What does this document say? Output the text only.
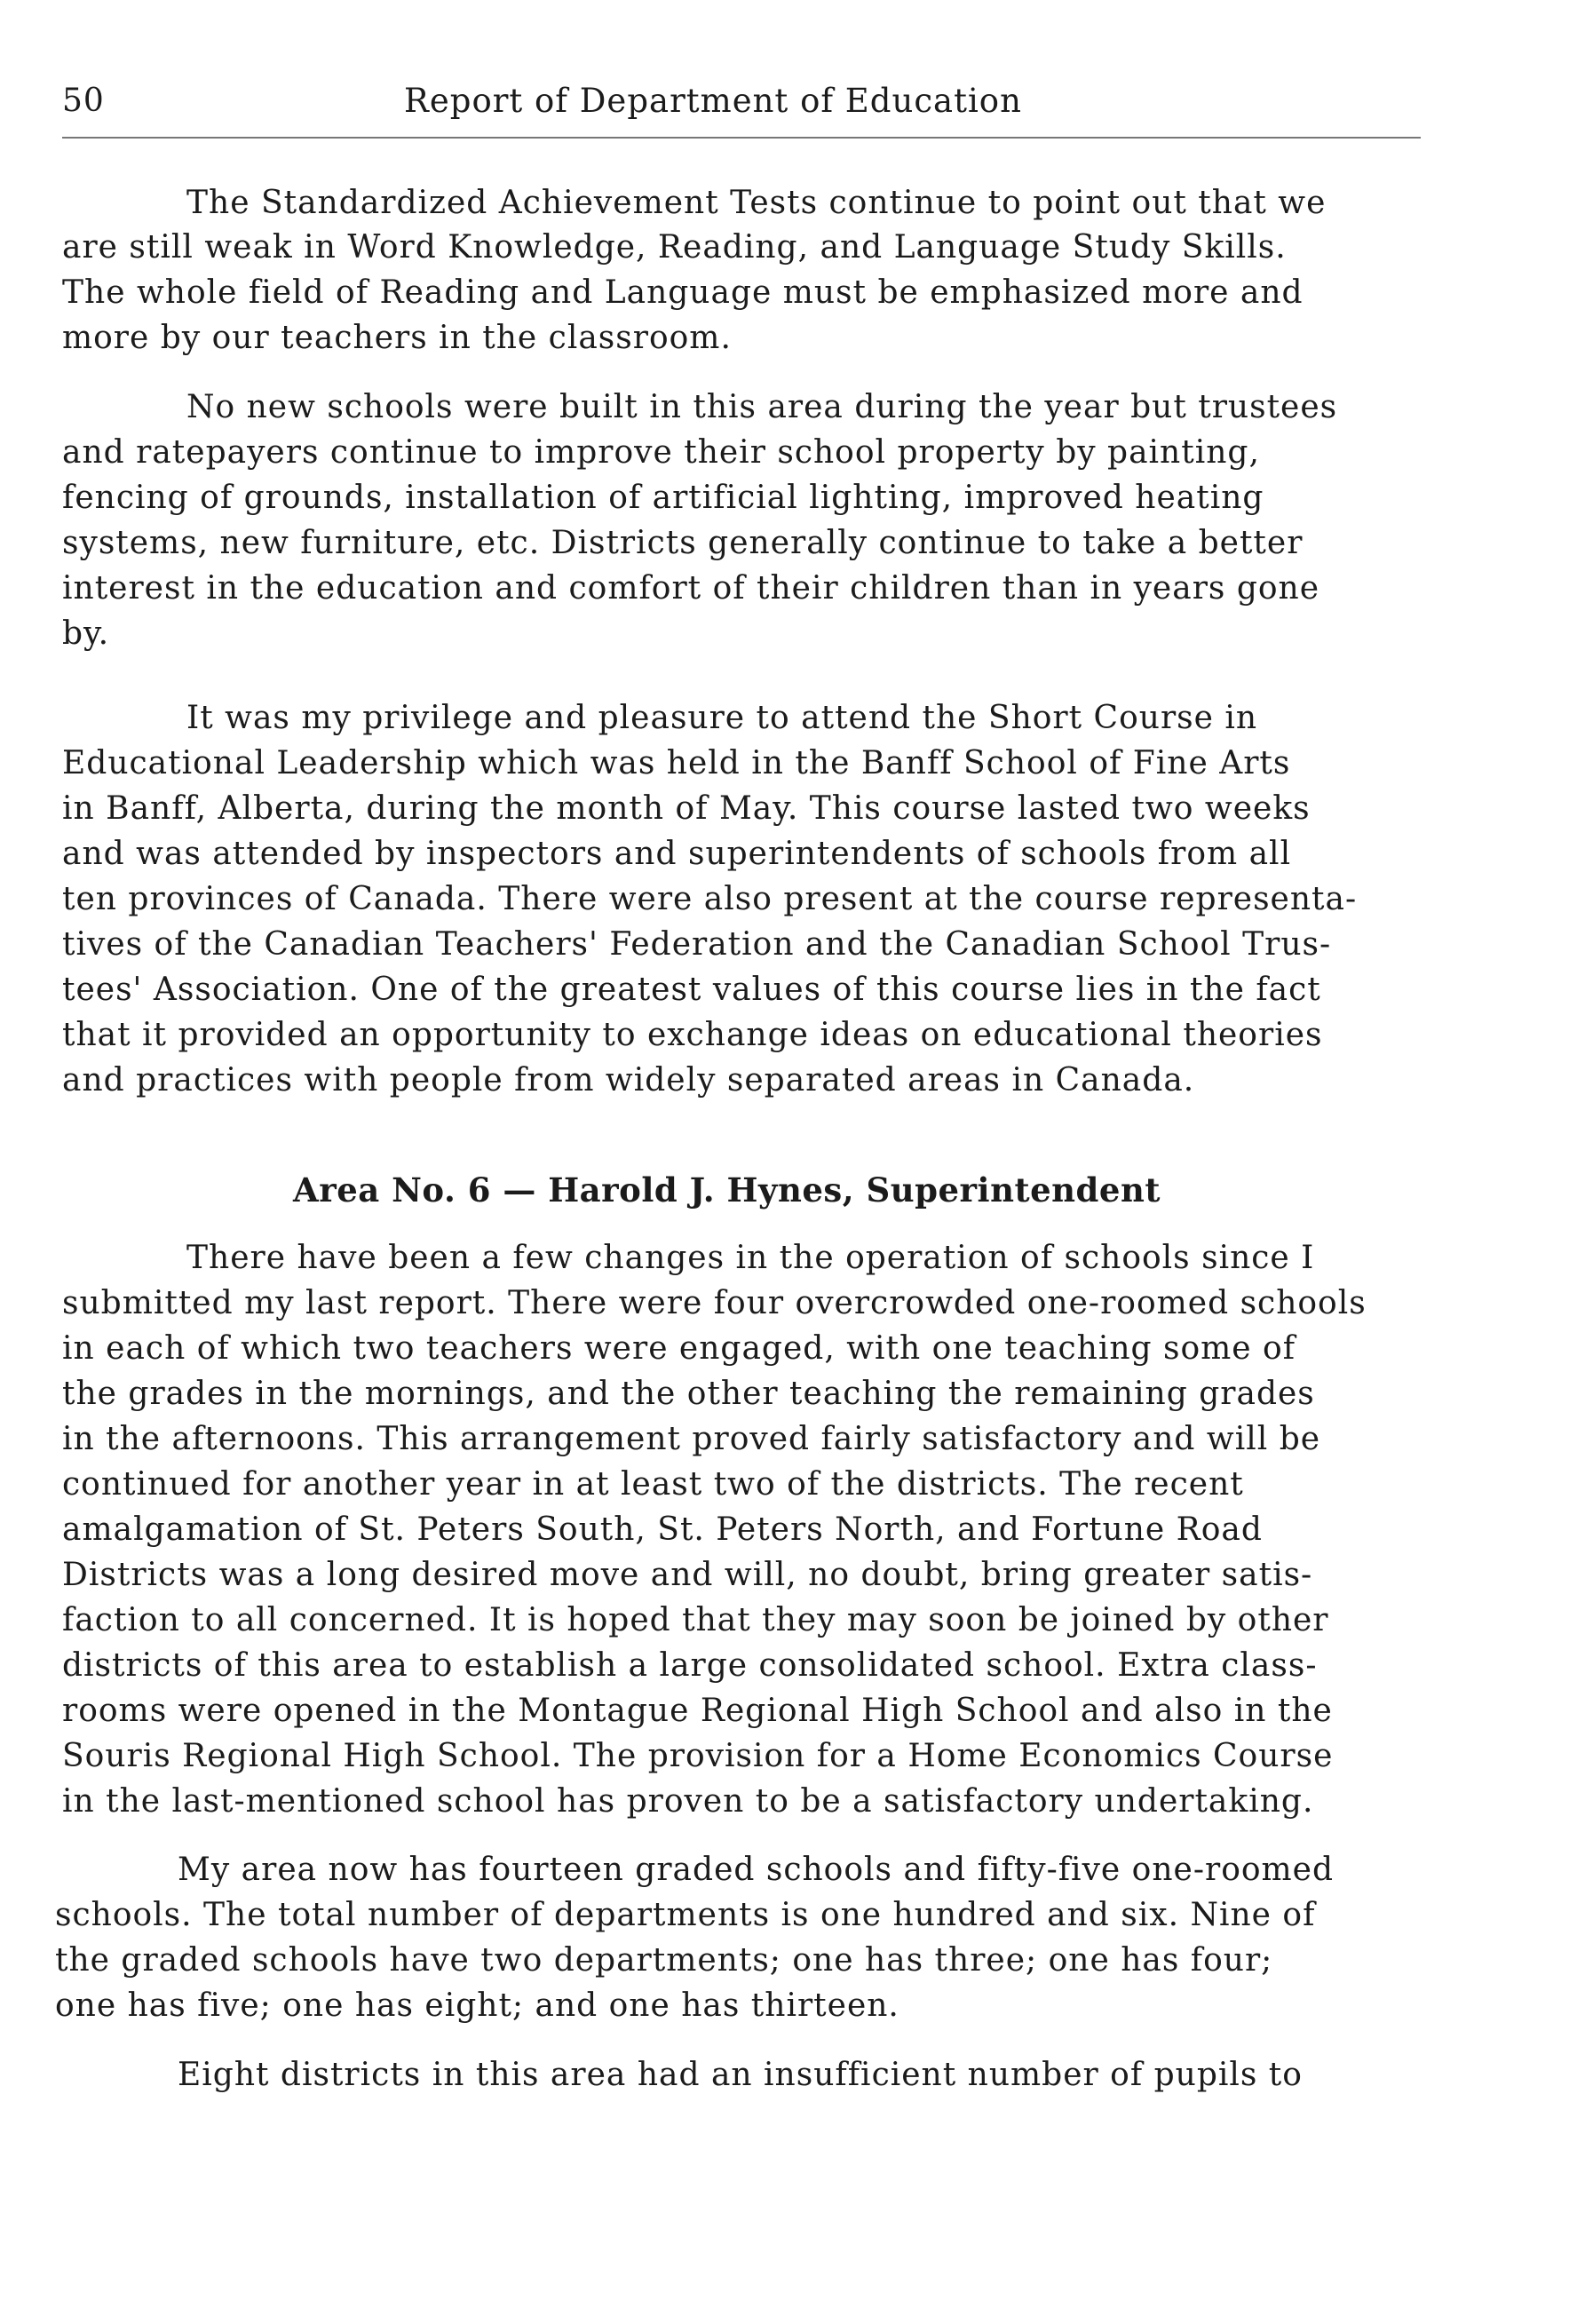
50	Report of Department of Education
The Standardized Achievement Tests continue to point out that we
are still weak in Word Knowledge, Reading, and Language Study Skills.
The whole field of Reading and Language must be emphasized more and
more by our teachers in the classroom.
No new schools were built in this area during the year but trustees
and ratepayers continue to improve their school property by painting,
fencing of grounds, installation of artificial lighting, improved heating
systems, new furniture, etc. Districts generally continue to take a better
interest in the education and comfort of their children than in years gone
by.
It was my privilege and pleasure to attend the Short Course in
Educational Leadership which was held in the Banff School of Fine Arts
in Banff, Alberta, during the month of May. This course lasted two weeks
and was attended by inspectors and superintendents of schools from all
ten provinces of Canada. There were also present at the course representa-
tives of the Canadian Teachers' Federation and the Canadian School Trus-
tees' Association. One of the greatest values of this course lies in the fact
that it provided an opportunity to exchange ideas on educational theories
and practices with people from widely separated areas in Canada.
Area No. 6 — Harold J. Hynes, Superintendent
There have been a few changes in the operation of schools since I
submitted my last report. There were four overcrowded one-roomed schools
in each of which two teachers were engaged, with one teaching some of
the grades in the mornings, and the other teaching the remaining grades
in the afternoons. This arrangement proved fairly satisfactory and will be
continued for another year in at least two of the districts. The recent
amalgamation of St. Peters South, St. Peters North, and Fortune Road
Districts was a long desired move and will, no doubt, bring greater satis-
faction to all concerned. It is hoped that they may soon be joined by other
districts of this area to establish a large consolidated school. Extra class-
rooms were opened in the Montague Regional High School and also in the
Souris Regional High School. The provision for a Home Economics Course
in the last-mentioned school has proven to be a satisfactory undertaking.
My area now has fourteen graded schools and fifty-five one-roomed
schools. The total number of departments is one hundred and six. Nine of
the graded schools have two departments; one has three; one has four;
one has five; one has eight; and one has thirteen.
Eight districts in this area had an insufficient number of pupils to
